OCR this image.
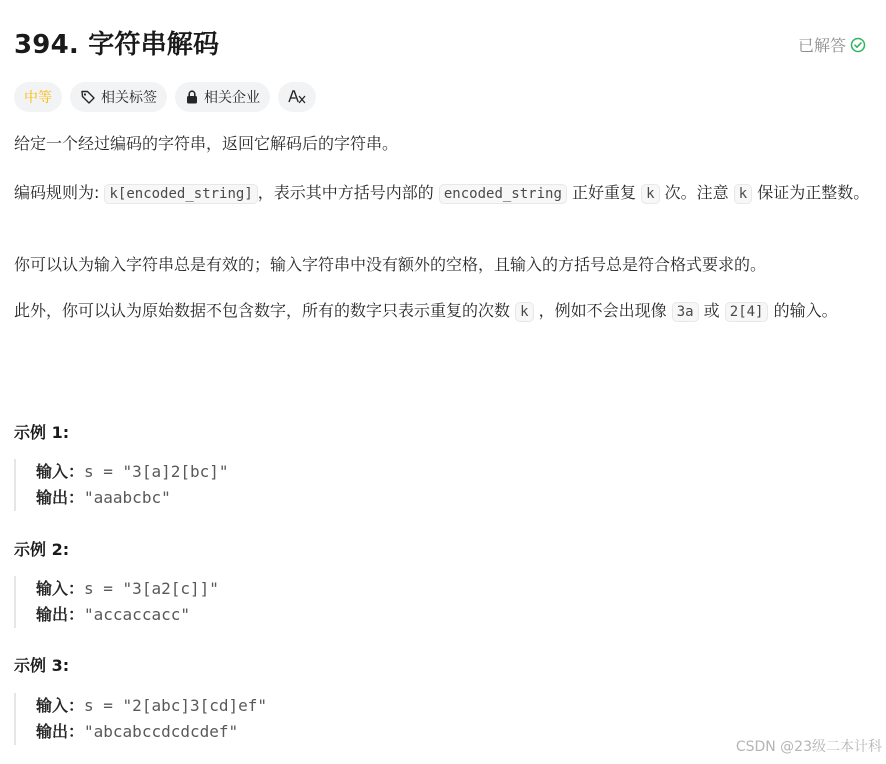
394. 字符串解码	已解答
中等	相关标签	相关企业
给定一个经过编码的字符串，返回它解码后的字符串。
编码规则为: k[encoded_string] ，表示其中方括号内部的 encoded_string 正好重复 k 次。注意 k 保证为正整数。
你可以认为输入字符串总是有效的；输入字符串中没有额外的空格，且输入的方括号总是符合格式要求的。
此外，你可以认为原始数据不包含数字，所有的数字只表示重复的次数 k ，例如不会出现像 3a 或 2[4] 的输入。
示例 1:
输入：s = "3[a]2[bc]"
输出："aaabcbc"
示例 2:
输入：s = "3[a2[c]]"
输出："accaccacc"
示例 3:
输入：s = "2[abc]3[cd]ef"
输出："abcabccdcdcdef"
CSDN @23级二本计科
